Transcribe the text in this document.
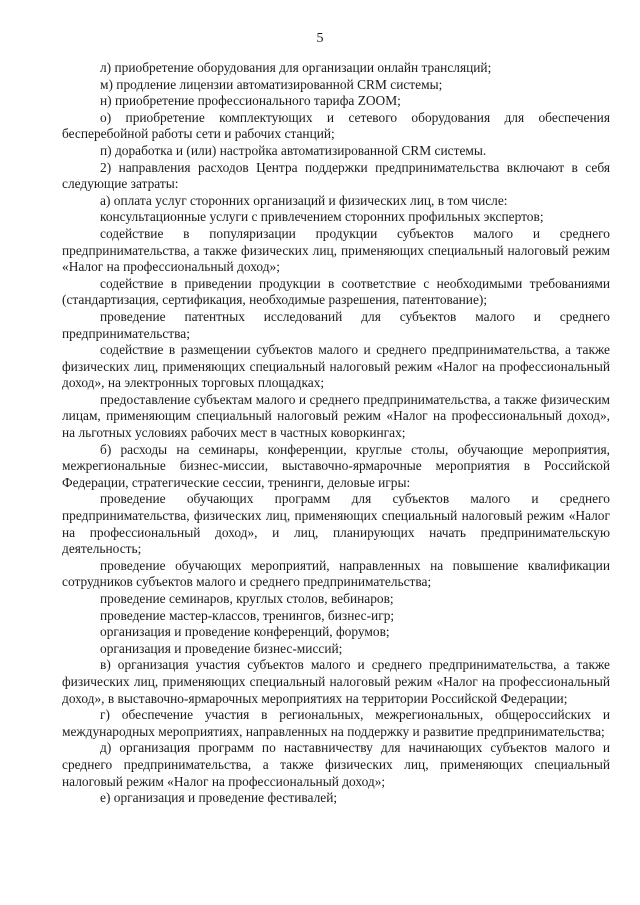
5

л) приобретение оборудования для организации онлайн трансляций;

м) продление лицензии автоматизированной CRM системы;

н) приобретение профессионального тарифа ZOOM;

о) приобретение комплектующих и сетевого оборудования для обеспечения бесперебойной работы сети и рабочих станций;

п) доработка и (или) настройка автоматизированной CRM системы.

2) направления расходов Центра поддержки предпринимательства включают в себя следующие затраты:

а) оплата услуг сторонних организаций и физических лиц, в том числе:

консультационные услуги с привлечением сторонних профильных экспертов;

содействие в популяризации продукции субъектов малого и среднего предпринимательства, а также физических лиц, применяющих специальный налоговый режим «Налог на профессиональный доход»;

содействие в приведении продукции в соответствие с необходимыми требованиями (стандартизация, сертификация, необходимые разрешения, патентование);

проведение патентных исследований для субъектов малого и среднего предпринимательства;

содействие в размещении субъектов малого и среднего предпринимательства, а также физических лиц, применяющих специальный налоговый режим «Налог на профессиональный доход», на электронных торговых площадках;

предоставление субъектам малого и среднего предпринимательства, а также физическим лицам, применяющим специальный налоговый режим «Налог на профессиональный доход», на льготных условиях рабочих мест в частных коворкингах;

б) расходы на семинары, конференции, круглые столы, обучающие мероприятия, межрегиональные бизнес-миссии, выставочно-ярмарочные мероприятия в Российской Федерации, стратегические сессии, тренинги, деловые игры:

проведение обучающих программ для субъектов малого и среднего предпринимательства, физических лиц, применяющих специальный налоговый режим «Налог на профессиональный доход», и лиц, планирующих начать предпринимательскую деятельность;

проведение обучающих мероприятий, направленных на повышение квалификации сотрудников субъектов малого и среднего предпринимательства;

проведение семинаров, круглых столов, вебинаров;

проведение мастер-классов, тренингов, бизнес-игр;

организация и проведение конференций, форумов;

организация и проведение бизнес-миссий;

в) организация участия субъектов малого и среднего предпринимательства, а также физических лиц, применяющих специальный налоговый режим «Налог на профессиональный доход», в выставочно-ярмарочных мероприятиях на территории Российской Федерации;

г) обеспечение участия в региональных, межрегиональных, общероссийских и международных мероприятиях, направленных на поддержку и развитие предпринимательства;

д) организация программ по наставничеству для начинающих субъектов малого и среднего предпринимательства, а также физических лиц, применяющих специальный налоговый режим «Налог на профессиональный доход»;

е) организация и проведение фестивалей;
